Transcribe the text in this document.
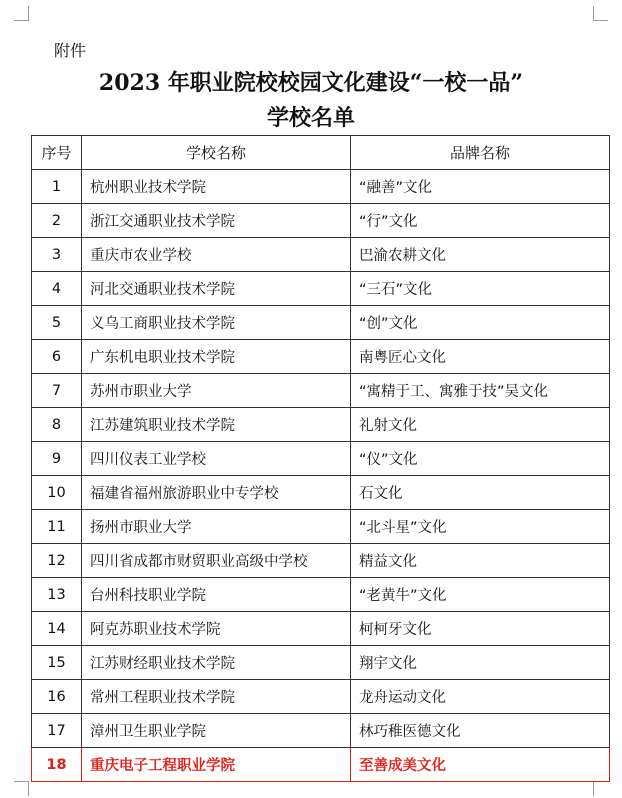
附件
2023 年职业院校校园文化建设“一校一品”
学校名单
序号	学校名称	品牌名称
1	杭州职业技术学院	“融善”文化
2	浙江交通职业技术学院	“行”文化
3	重庆市农业学校	巴渝农耕文化
4	河北交通职业技术学院	“三石”文化
5	义乌工商职业技术学院	“创”文化
6	广东机电职业技术学院	南粤匠心文化
7	苏州市职业大学	“寓精于工、寓雅于技”吴文化
8	江苏建筑职业技术学院	礼射文化
9	四川仪表工业学校	“仪”文化
10	福建省福州旅游职业中专学校	石文化
11	扬州市职业大学	“北斗星”文化
12	四川省成都市财贸职业高级中学校	精益文化
13	台州科技职业学院	“老黄牛”文化
14	阿克苏职业技术学院	柯柯牙文化
15	江苏财经职业技术学院	翔宇文化
16	常州工程职业技术学院	龙舟运动文化
17	漳州卫生职业学院	林巧稚医德文化
18	重庆电子工程职业学院	至善成美文化
